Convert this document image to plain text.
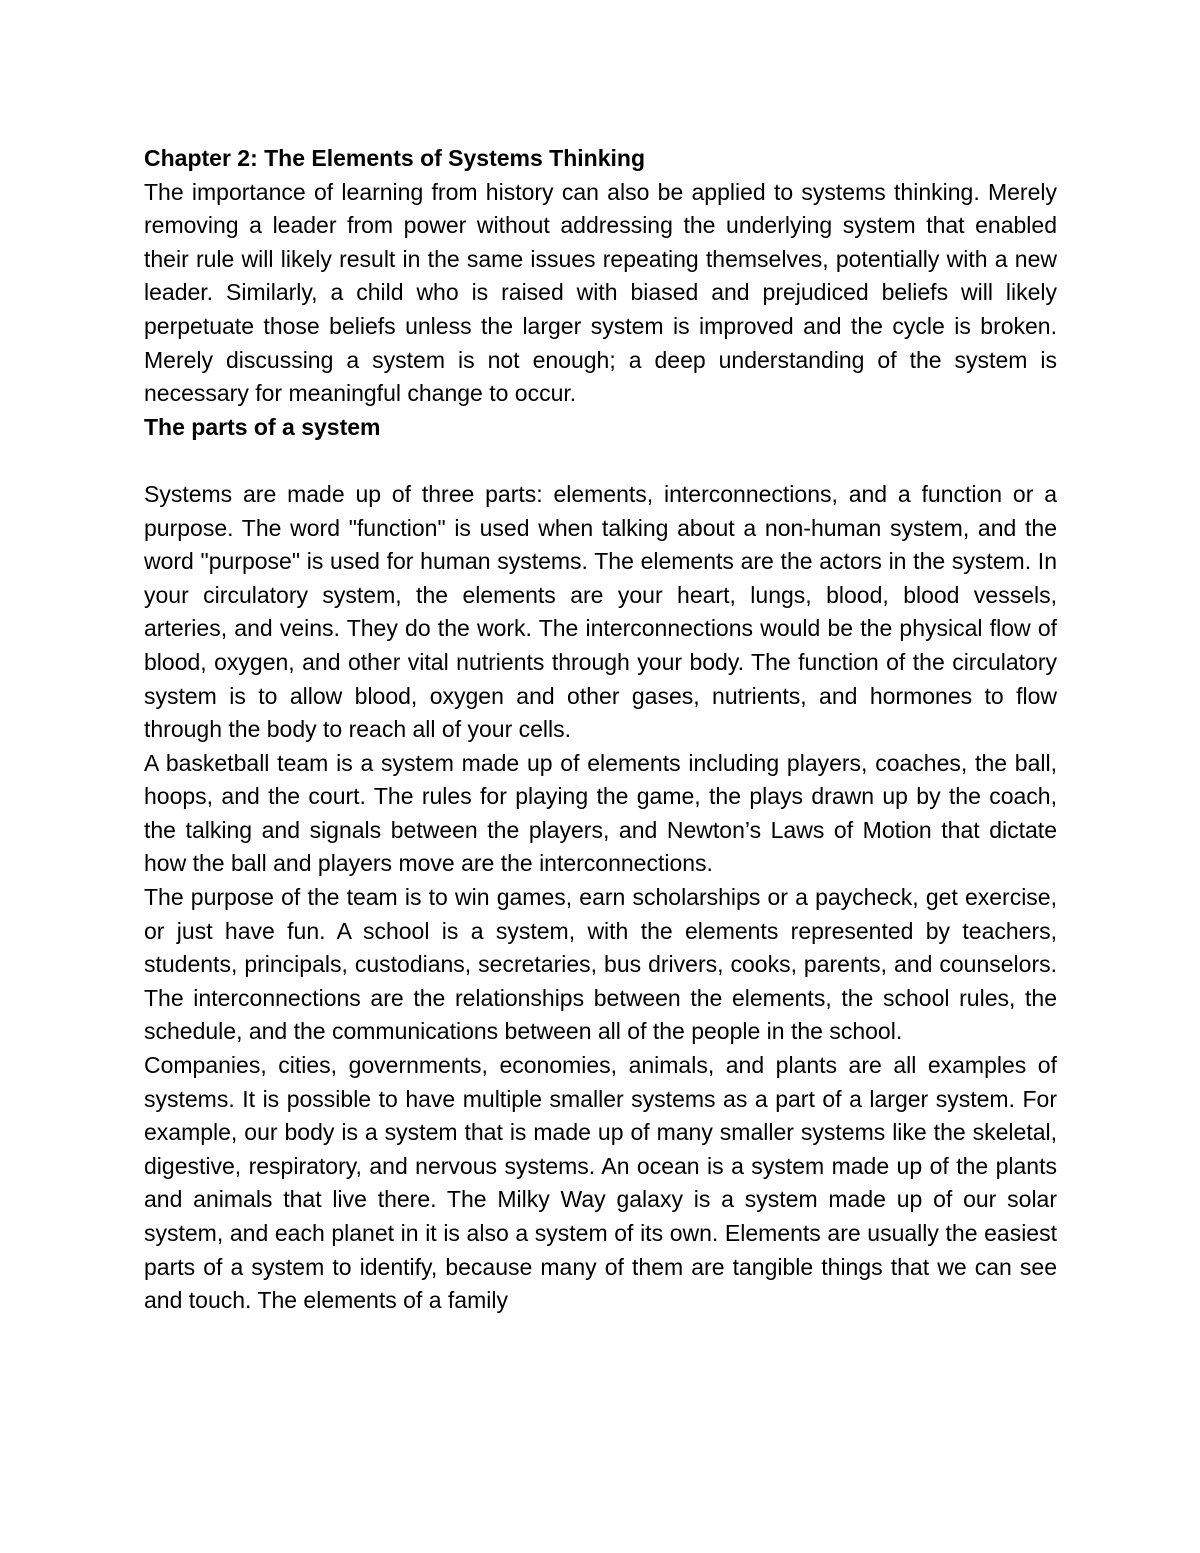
Chapter 2: The Elements of Systems Thinking

The importance of learning from history can also be applied to systems thinking. Merely removing a leader from power without addressing the underlying system that enabled their rule will likely result in the same issues repeating themselves, potentially with a new leader. Similarly, a child who is raised with biased and prejudiced beliefs will likely perpetuate those beliefs unless the larger system is improved and the cycle is broken. Merely discussing a system is not enough; a deep understanding of the system is necessary for meaningful change to occur.

The parts of a system

Systems are made up of three parts: elements, interconnections, and a function or a purpose. The word "function" is used when talking about a non-human system, and the word "purpose" is used for human systems. The elements are the actors in the system. In your circulatory system, the elements are your heart, lungs, blood, blood vessels, arteries, and veins. They do the work. The interconnections would be the physical flow of blood, oxygen, and other vital nutrients through your body. The function of the circulatory system is to allow blood, oxygen and other gases, nutrients, and hormones to flow through the body to reach all of your cells.

A basketball team is a system made up of elements including players, coaches, the ball, hoops, and the court. The rules for playing the game, the plays drawn up by the coach, the talking and signals between the players, and Newton’s Laws of Motion that dictate how the ball and players move are the interconnections.

The purpose of the team is to win games, earn scholarships or a paycheck, get exercise, or just have fun. A school is a system, with the elements represented by teachers, students, principals, custodians, secretaries, bus drivers, cooks, parents, and counselors. The interconnections are the relationships between the elements, the school rules, the schedule, and the communications between all of the people in the school.

Companies, cities, governments, economies, animals, and plants are all examples of systems. It is possible to have multiple smaller systems as a part of a larger system. For example, our body is a system that is made up of many smaller systems like the skeletal, digestive, respiratory, and nervous systems. An ocean is a system made up of the plants and animals that live there. The Milky Way galaxy is a system made up of our solar system, and each planet in it is also a system of its own. Elements are usually the easiest parts of a system to identify, because many of them are tangible things that we can see and touch. The elements of a family
